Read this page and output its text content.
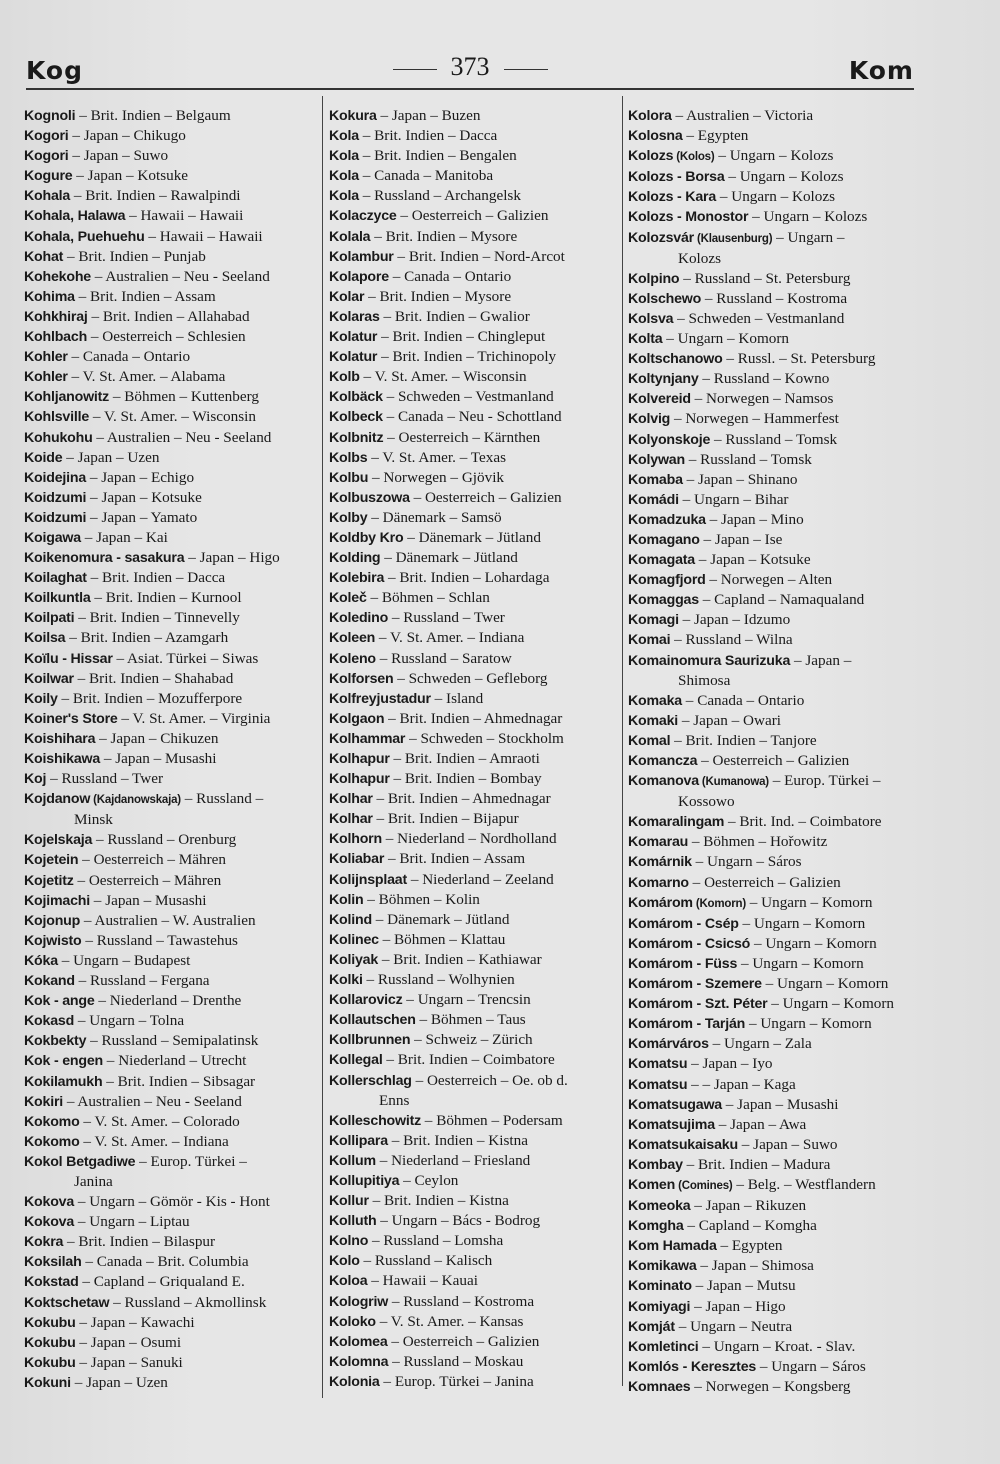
Kog	373	Kom
Kognoli – Brit. Indien – Belgaum
Kogori – Japan – Chikugo
Kogori – Japan – Suwo
Kogure – Japan – Kotsuke
Kohala – Brit. Indien – Rawalpindi
Kohala, Halawa – Hawaii – Hawaii
Kohala, Puehuehu – Hawaii – Hawaii
Kohat – Brit. Indien – Punjab
Kohekohe – Australien – Neu - Seeland
Kohima – Brit. Indien – Assam
Kohkhiraj – Brit. Indien – Allahabad
Kohlbach – Oesterreich – Schlesien
Kohler – Canada – Ontario
Kohler – V. St. Amer. – Alabama
Kohljanowitz – Böhmen – Kuttenberg
Kohlsville – V. St. Amer. – Wisconsin
Kohukohu – Australien – Neu - Seeland
Koide – Japan – Uzen
Koidejina – Japan – Echigo
Koidzumi – Japan – Kotsuke
Koidzumi – Japan – Yamato
Koigawa – Japan – Kai
Koikenomura - sasakura – Japan – Higo
Koilaghat – Brit. Indien – Dacca
Koilkuntla – Brit. Indien – Kurnool
Koilpati – Brit. Indien – Tinnevelly
Koilsa – Brit. Indien – Azamgarh
Koïlu - Hissar – Asiat. Türkei – Siwas
Koilwar – Brit. Indien – Shahabad
Koily – Brit. Indien – Mozufferpore
Koiner's Store – V. St. Amer. – Virginia
Koishihara – Japan – Chikuzen
Koishikawa – Japan – Musashi
Koj – Russland – Twer
Kojdanow (Kajdanowskaja) – Russland –
Minsk
Kojelskaja – Russland – Orenburg
Kojetein – Oesterreich – Mähren
Kojetitz – Oesterreich – Mähren
Kojimachi – Japan – Musashi
Kojonup – Australien – W. Australien
Kojwisto – Russland – Tawastehus
Kóka – Ungarn – Budapest
Kokand – Russland – Fergana
Kok - ange – Niederland – Drenthe
Kokasd – Ungarn – Tolna
Kokbekty – Russland – Semipalatinsk
Kok - engen – Niederland – Utrecht
Kokilamukh – Brit. Indien – Sibsagar
Kokiri – Australien – Neu - Seeland
Kokomo – V. St. Amer. – Colorado
Kokomo – V. St. Amer. – Indiana
Kokol Betgadiwe – Europ. Türkei –
Janina
Kokova – Ungarn – Gömör - Kis - Hont
Kokova – Ungarn – Liptau
Kokra – Brit. Indien – Bilaspur
Koksilah – Canada – Brit. Columbia
Kokstad – Capland – Griqualand E.
Koktschetaw – Russland – Akmollinsk
Kokubu – Japan – Kawachi
Kokubu – Japan – Osumi
Kokubu – Japan – Sanuki
Kokuni – Japan – Uzen
Kokura – Japan – Buzen
Kola – Brit. Indien – Dacca
Kola – Brit. Indien – Bengalen
Kola – Canada – Manitoba
Kola – Russland – Archangelsk
Kolaczyce – Oesterreich – Galizien
Kolala – Brit. Indien – Mysore
Kolambur – Brit. Indien – Nord-Arcot
Kolapore – Canada – Ontario
Kolar – Brit. Indien – Mysore
Kolaras – Brit. Indien – Gwalior
Kolatur – Brit. Indien – Chingleput
Kolatur – Brit. Indien – Trichinopoly
Kolb – V. St. Amer. – Wisconsin
Kolbäck – Schweden – Vestmanland
Kolbeck – Canada – Neu - Schottland
Kolbnitz – Oesterreich – Kärnthen
Kolbs – V. St. Amer. – Texas
Kolbu – Norwegen – Gjövik
Kolbuszowa – Oesterreich – Galizien
Kolby – Dänemark – Samsö
Koldby Kro – Dänemark – Jütland
Kolding – Dänemark – Jütland
Kolebira – Brit. Indien – Lohardaga
Koleč – Böhmen – Schlan
Koledino – Russland – Twer
Koleen – V. St. Amer. – Indiana
Koleno – Russland – Saratow
Kolforsen – Schweden – Gefleborg
Kolfreyjustadur – Island
Kolgaon – Brit. Indien – Ahmednagar
Kolhammar – Schweden – Stockholm
Kolhapur – Brit. Indien – Amraoti
Kolhapur – Brit. Indien – Bombay
Kolhar – Brit. Indien – Ahmednagar
Kolhar – Brit. Indien – Bijapur
Kolhorn – Niederland – Nordholland
Koliabar – Brit. Indien – Assam
Kolijnsplaat – Niederland – Zeeland
Kolin – Böhmen – Kolin
Kolind – Dänemark – Jütland
Kolinec – Böhmen – Klattau
Koliyak – Brit. Indien – Kathiawar
Kolki – Russland – Wolhynien
Kollarovicz – Ungarn – Trencsin
Kollautschen – Böhmen – Taus
Kollbrunnen – Schweiz – Zürich
Kollegal – Brit. Indien – Coimbatore
Kollerschlag – Oesterreich – Oe. ob d.
Enns
Kolleschowitz – Böhmen – Podersam
Kollipara – Brit. Indien – Kistna
Kollum – Niederland – Friesland
Kollupitiya – Ceylon
Kollur – Brit. Indien – Kistna
Kolluth – Ungarn – Bács - Bodrog
Kolno – Russland – Lomsha
Kolo – Russland – Kalisch
Koloa – Hawaii – Kauai
Kologriw – Russland – Kostroma
Koloko – V. St. Amer. – Kansas
Kolomea – Oesterreich – Galizien
Kolomna – Russland – Moskau
Kolonia – Europ. Türkei – Janina
Kolora – Australien – Victoria
Kolosna – Egypten
Kolozs (Kolos) – Ungarn – Kolozs
Kolozs - Borsa – Ungarn – Kolozs
Kolozs - Kara – Ungarn – Kolozs
Kolozs - Monostor – Ungarn – Kolozs
Kolozsvár (Klausenburg) – Ungarn –
Kolozs
Kolpino – Russland – St. Petersburg
Kolschewo – Russland – Kostroma
Kolsva – Schweden – Vestmanland
Kolta – Ungarn – Komorn
Koltschanowo – Russl. – St. Petersburg
Koltynjany – Russland – Kowno
Kolvereid – Norwegen – Namsos
Kolvig – Norwegen – Hammerfest
Kolyonskoje – Russland – Tomsk
Kolywan – Russland – Tomsk
Komaba – Japan – Shinano
Komádi – Ungarn – Bihar
Komadzuka – Japan – Mino
Komagano – Japan – Ise
Komagata – Japan – Kotsuke
Komagfjord – Norwegen – Alten
Komaggas – Capland – Namaqualand
Komagi – Japan – Idzumo
Komai – Russland – Wilna
Komainomura Saurizuka – Japan –
Shimosa
Komaka – Canada – Ontario
Komaki – Japan – Owari
Komal – Brit. Indien – Tanjore
Komancza – Oesterreich – Galizien
Komanova (Kumanowa) – Europ. Türkei –
Kossowo
Komaralingam – Brit. Ind. – Coimbatore
Komarau – Böhmen – Hořowitz
Komárnik – Ungarn – Sáros
Komarno – Oesterreich – Galizien
Komárom (Komorn) – Ungarn – Komorn
Komárom - Csép – Ungarn – Komorn
Komárom - Csicsó – Ungarn – Komorn
Komárom - Füss – Ungarn – Komorn
Komárom - Szemere – Ungarn – Komorn
Komárom - Szt. Péter – Ungarn – Komorn
Komárom - Tarján – Ungarn – Komorn
Komárváros – Ungarn – Zala
Komatsu – Japan – Iyo
Komatsu – – Japan – Kaga
Komatsugawa – Japan – Musashi
Komatsujima – Japan – Awa
Komatsukaisaku – Japan – Suwo
Kombay – Brit. Indien – Madura
Komen (Comines) – Belg. – Westflandern
Komeoka – Japan – Rikuzen
Komgha – Capland – Komgha
Kom Hamada – Egypten
Komikawa – Japan – Shimosa
Kominato – Japan – Mutsu
Komiyagi – Japan – Higo
Komját – Ungarn – Neutra
Komletinci – Ungarn – Kroat. - Slav.
Komlós - Keresztes – Ungarn – Sáros
Komnaes – Norwegen – Kongsberg
